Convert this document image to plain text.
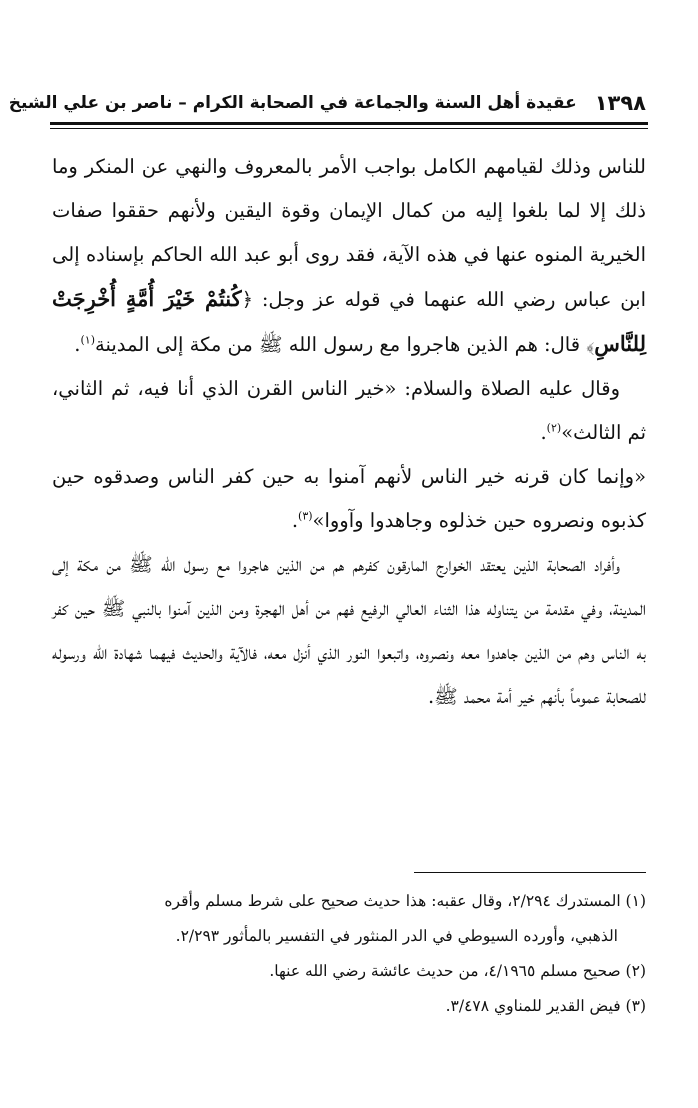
١٣٩٨
عقيدة أهل السنة والجماعة في الصحابة الكرام – ناصر بن علي الشيخ

للناس وذلك لقيامهم الكامل بواجب الأمر بالمعروف والنهي عن المنكر وما ذلك إلا لما بلغوا إليه من كمال الإيمان وقوة اليقين ولأنهم حققوا صفات الخيرية المنوه عنها في هذه الآية، فقد روى أبو عبد الله الحاكم بإسناده إلى ابن عباس رضي الله عنهما في قوله عز وجل: ﴿كُنتُمْ خَيْرَ أُمَّةٍ أُخْرِجَتْ لِلنَّاسِ﴾ قال: هم الذين هاجروا مع رسول الله ﷺ من مكة إلى المدينة$^{(١)}$.

وقال عليه الصلاة والسلام: «خير الناس القرن الذي أنا فيه، ثم الثاني، ثم الثالث»$^{(٢)}$.

«وإنما كان قرنه خير الناس لأنهم آمنوا به حين كفر الناس وصدقوه حين كذبوه ونصروه حين خذلوه وجاهدوا وآووا»$^{(٣)}$.

وأفراد الصحابة الذين يعتقد الخوارج المارقون كفرهم هم من الذين هاجروا مع رسول الله ﷺ من مكة إلى المدينة، وفي مقدمة من يتناوله هذا الثناء العالي الرفيع فهم من أهل الهجرة ومن الذين آمنوا بالنبي ﷺ حين كفر به الناس وهم من الذين جاهدوا معه ونصروه، واتبعوا النور الذي أنزل معه، فالآية والحديث فيهما شهادة الله ورسوله للصحابة عموماً بأنهم خير أمة محمد ﷺ.

(١) المستدرك ٢/٢٩٤، وقال عقبه: هذا حديث صحيح على شرط مسلم وأقره

الذهبي، وأورده السيوطي في الدر المنثور في التفسير بالمأثور ٢/٢٩٣.

(٢) صحيح مسلم ٤/١٩٦٥، من حديث عائشة رضي الله عنها.

(٣) فيض القدير للمناوي ٣/٤٧٨.
